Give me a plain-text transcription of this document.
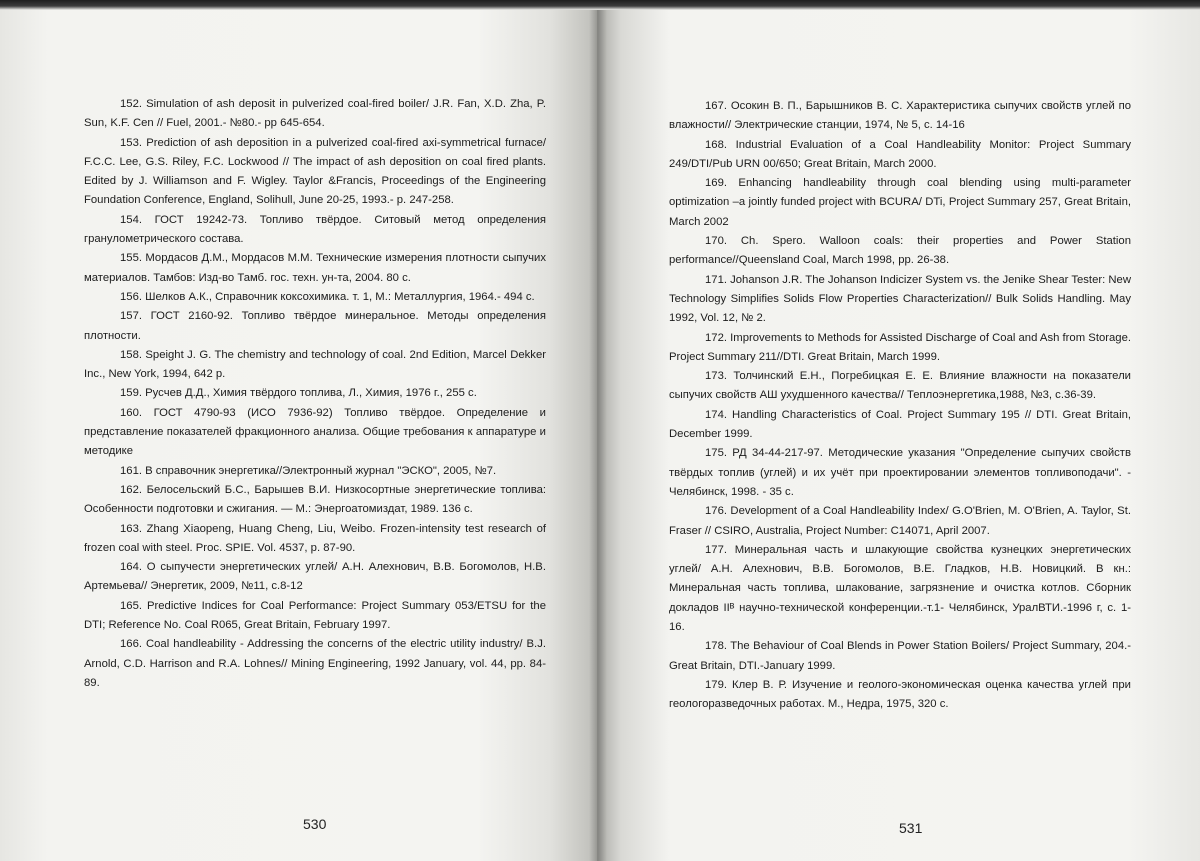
152. Simulation of ash deposit in pulverized coal-fired boiler/ J.R. Fan, X.D. Zha, P. Sun, K.F. Cen // Fuel, 2001.- №80.- pp 645-654.

153. Prediction of ash deposition in a pulverized coal-fired axi-symmetrical furnace/ F.C.C. Lee, G.S. Riley, F.C. Lockwood // The impact of ash deposition on coal fired plants. Edited by J. Williamson and F. Wigley. Taylor &Francis, Proceedings of the Engineering Foundation Conference, England, Solihull, June 20-25, 1993.- p. 247-258.

154. ГОСТ 19242-73. Топливо твёрдое. Ситовый метод определения гранулометрического состава.

155. Мордасов Д.М., Мордасов М.М. Технические измерения плотности сыпучих материалов. Тамбов: Изд-во Тамб. гос. техн. ун-та, 2004. 80 с.

156. Шелков А.К., Справочник коксохимика. т. 1, М.: Металлургия, 1964.- 494 с.

157. ГОСТ 2160-92. Топливо твёрдое минеральное. Методы определения плотности.

158. Speight J. G. The chemistry and technology of coal. 2nd Edition, Marcel Dekker Inc., New York, 1994, 642 p.

159. Русчев Д.Д., Химия твёрдого топлива, Л., Химия, 1976 г., 255 с.

160. ГОСТ 4790-93 (ИСО 7936-92) Топливо твёрдое. Определение и представление показателей фракционного анализа. Общие требования к аппаратуре и методике

161. В справочник энергетика//Электронный журнал "ЭСКО", 2005, №7.

162. Белосельский Б.С., Барышев В.И. Низкосортные энергетические топлива: Особенности подготовки и сжигания. — М.: Энергоатомиздат, 1989. 136 с.

163. Zhang Xiaopeng, Huang Cheng, Liu, Weibo. Frozen-intensity test research of frozen coal with steel. Proc. SPIE. Vol. 4537, p. 87-90.

164. О сыпучести энергетических углей/ А.Н. Алехнович, В.В. Богомолов, Н.В. Артемьева// Энергетик, 2009, №11, с.8-12

165. Predictive Indices for Coal Performance: Project Summary 053/ETSU for the DTI; Reference No. Coal R065, Great Britain, February 1997.

166. Coal handleability - Addressing the concerns of the electric utility industry/ B.J. Arnold, C.D. Harrison and R.A. Lohnes// Mining Engineering, 1992 January, vol. 44, pp. 84-89.

530

167. Осокин В. П., Барышников В. С. Характеристика сыпучих свойств углей по влажности// Электрические станции, 1974, № 5, с. 14-16

168. Industrial Evaluation of a Coal Handleability Monitor: Project Summary 249/DTI/Pub URN 00/650; Great Britain, March 2000.

169. Enhancing handleability through coal blending using multi-parameter optimization –a jointly funded project with BCURA/ DTi, Project Summary 257, Great Britain, March 2002

170. Ch. Spero. Walloon coals: their properties and Power Station performance//Queensland Coal, March 1998, pp. 26-38.

171. Johanson J.R. The Johanson Indicizer System vs. the Jenike Shear Tester: New Technology Simplifies Solids Flow Properties Characterization// Bulk Solids Handling. May 1992, Vol. 12, № 2.

172. Improvements to Methods for Assisted Discharge of Coal and Ash from Storage. Project Summary 211//DTI. Great Britain, March 1999.

173. Толчинский Е.Н., Погребицкая Е. Е. Влияние влажности на показатели сыпучих свойств АШ ухудшенного качества// Теплоэнергетика,1988, №3, с.36-39.

174. Handling Characteristics of Coal. Project Summary 195 // DTI. Great Britain, December 1999.

175. РД 34-44-217-97. Методические указания "Определение сыпучих свойств твёрдых топлив (углей) и их учёт при проектировании элементов топливоподачи". - Челябинск, 1998. - 35 с.

176. Development of a Coal Handleability Index/ G.O'Brien, M. O'Brien, A. Taylor, St. Fraser // CSIRO, Australia, Project Number: C14071, April 2007.

177. Минеральная часть и шлакующие свойства кузнецких энергетических углей/ А.Н. Алехнович, В.В. Богомолов, В.Е. Гладков, Н.В. Новицкий. В кн.: Минеральная часть топлива, шлакование, загрязнение и очистка котлов. Сборник докладов IIᴮ научно-технической конференции.-т.1- Челябинск, УралВТИ.-1996 г, с. 1-16.

178. The Behaviour of Coal Blends in Power Station Boilers/ Project Summary, 204.- Great Britain, DTI.-January 1999.

179. Клер В. Р. Изучение и геолого-экономическая оценка качества углей при геологоразведочных работах. М., Недра, 1975, 320 с.

531
